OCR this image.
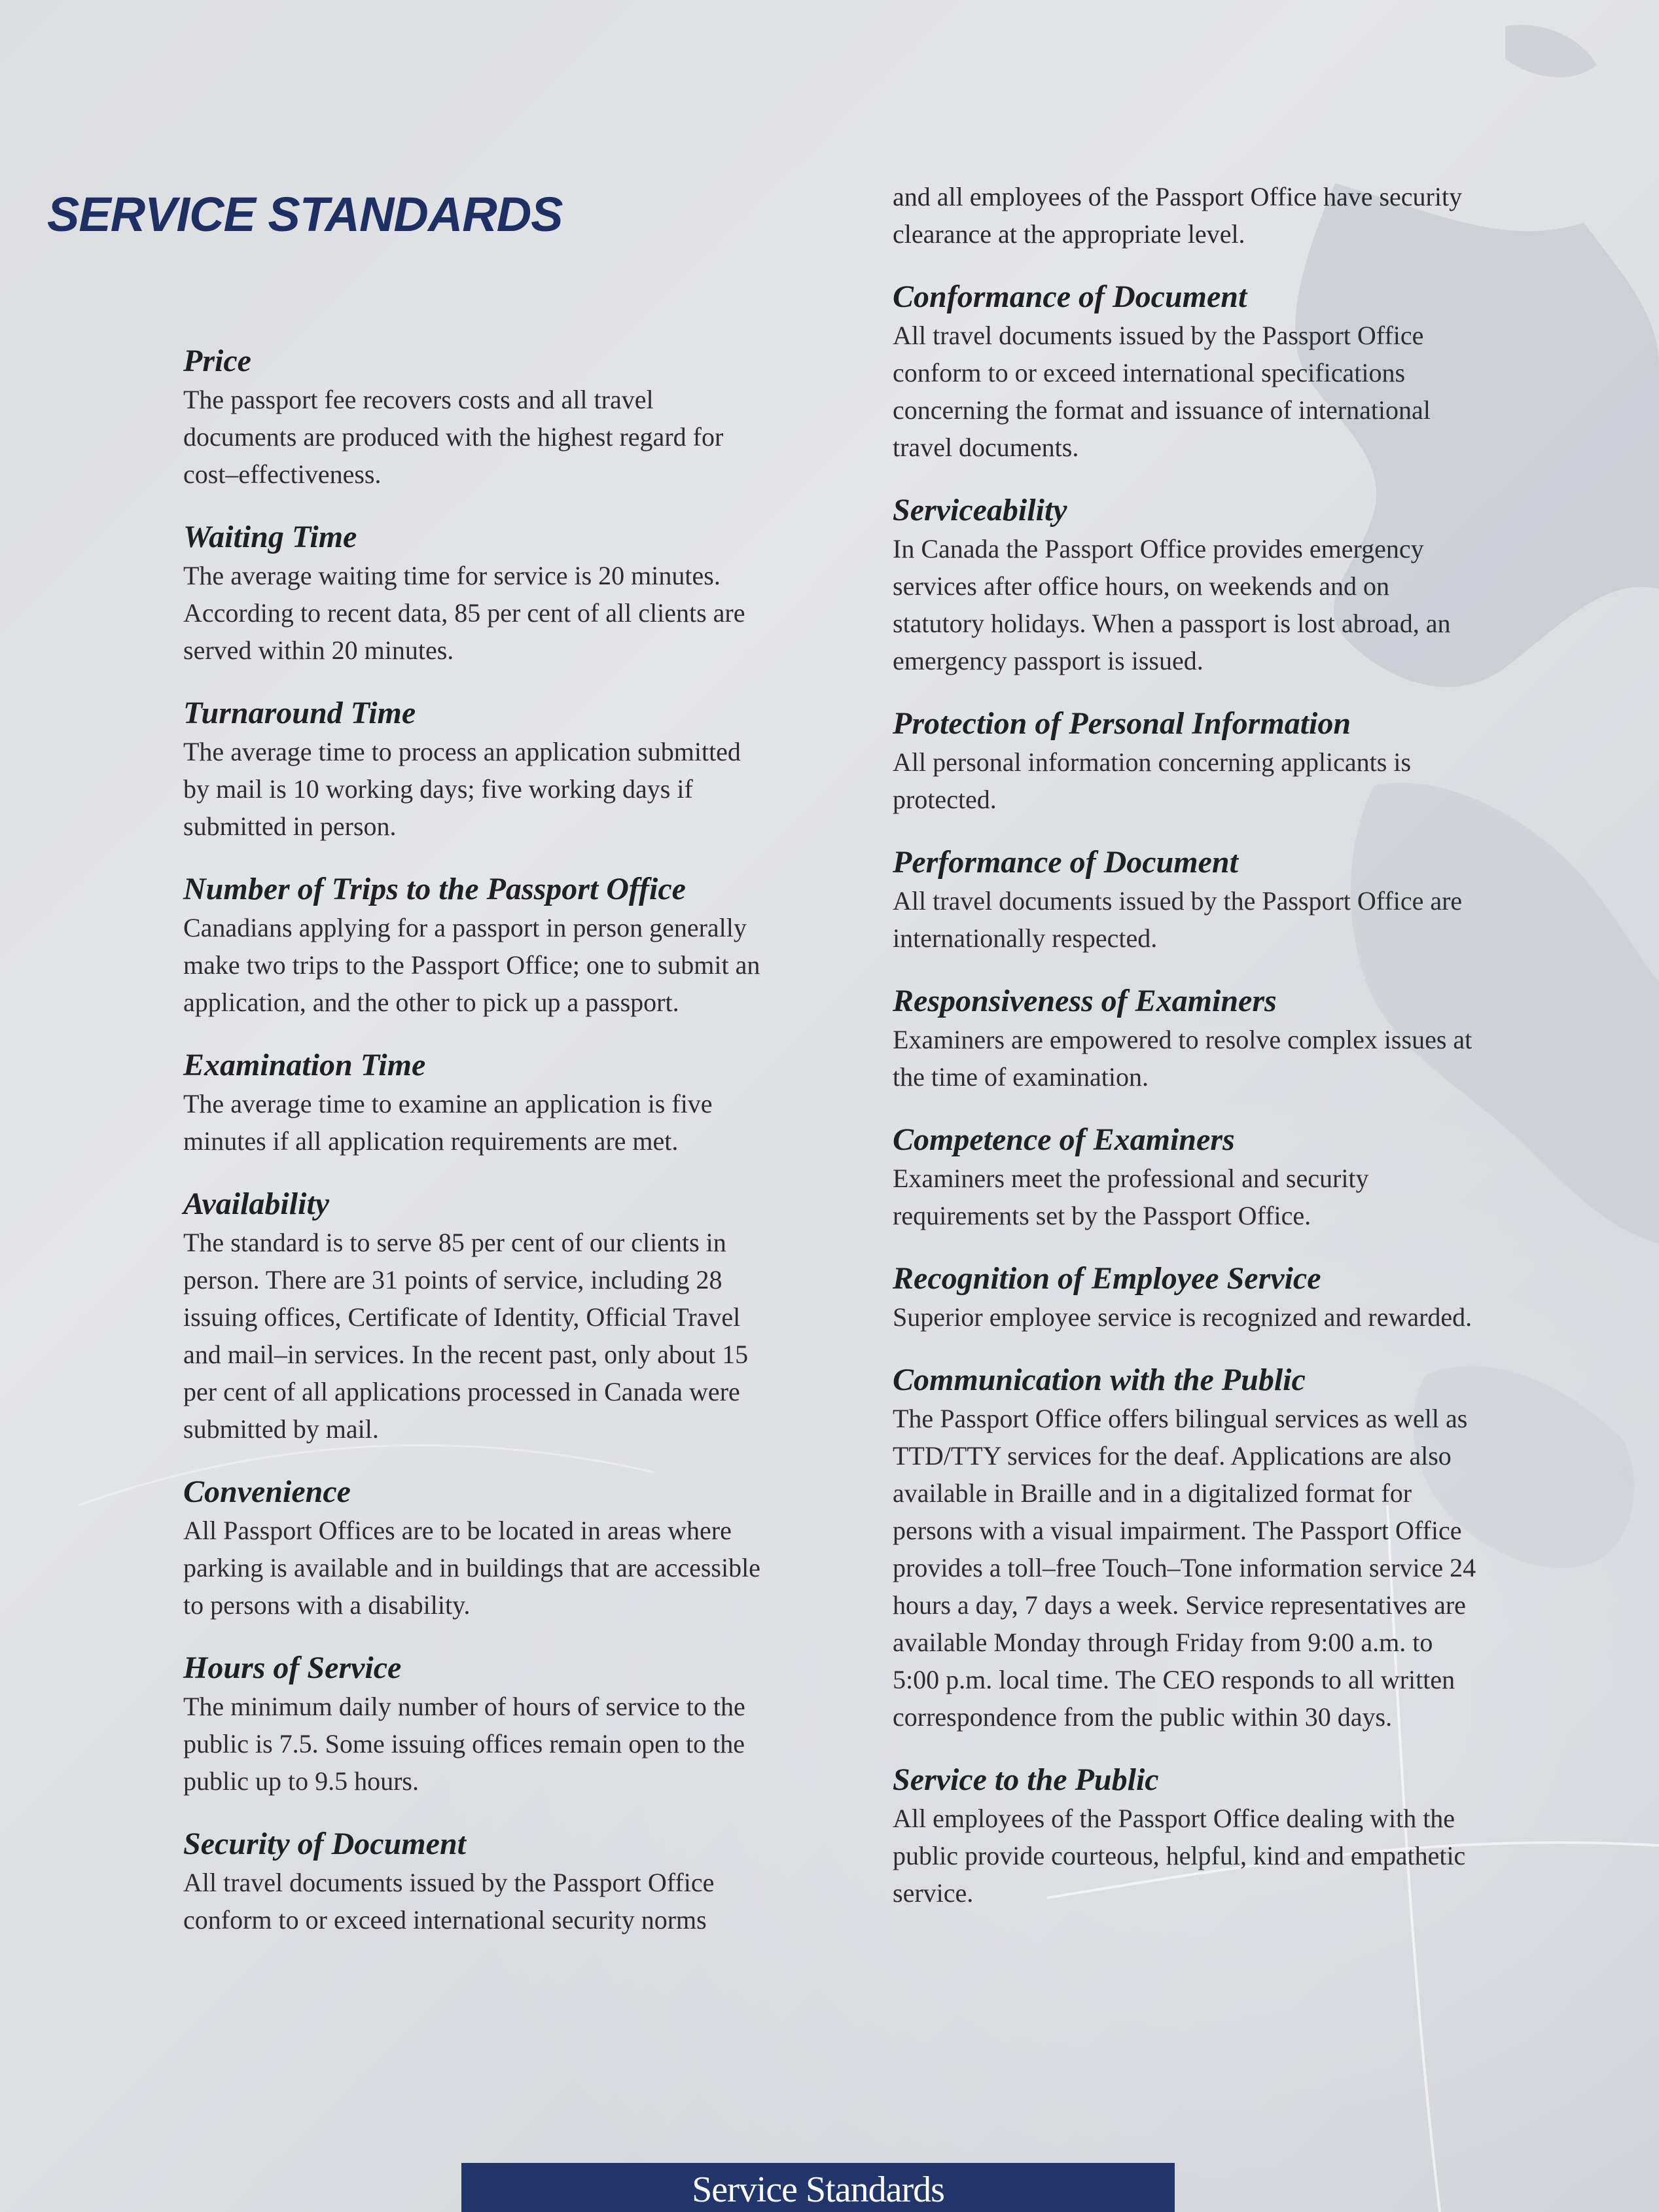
SERVICE STANDARDS
Price

The passport fee recovers costs and all travel documents are produced with the highest regard for cost–effectiveness.

Waiting Time

The average waiting time for service is 20 minutes. According to recent data, 85 per cent of all clients are served within 20 minutes.

Turnaround Time

The average time to process an application submitted by mail is 10 working days; five working days if submitted in person.

Number of Trips to the Passport Office

Canadians applying for a passport in person generally make two trips to the Passport Office; one to submit an application, and the other to pick up a passport.

Examination Time

The average time to examine an application is five minutes if all application requirements are met.

Availability

The standard is to serve 85 per cent of our clients in person. There are 31 points of service, including 28 issuing offices, Certificate of Identity, Official Travel and mail–in services. In the recent past, only about 15 per cent of all applications processed in Canada were submitted by mail.

Convenience

All Passport Offices are to be located in areas where parking is available and in buildings that are accessible to persons with a disability.

Hours of Service

The minimum daily number of hours of service to the public is 7.5. Some issuing offices remain open to the public up to 9.5 hours.

Security of Document

All travel documents issued by the Passport Office conform to or exceed international security norms

and all employees of the Passport Office have security clearance at the appropriate level.

Conformance of Document

All travel documents issued by the Passport Office conform to or exceed international specifications concerning the format and issuance of international travel documents.

Serviceability

In Canada the Passport Office provides emergency services after office hours, on weekends and on statutory holidays. When a passport is lost abroad, an emergency passport is issued.

Protection of Personal Information

All personal information concerning applicants is protected.

Performance of Document

All travel documents issued by the Passport Office are internationally respected.

Responsiveness of Examiners

Examiners are empowered to resolve complex issues at the time of examination.

Competence of Examiners

Examiners meet the professional and security requirements set by the Passport Office.

Recognition of Employee Service

Superior employee service is recognized and rewarded.

Communication with the Public

The Passport Office offers bilingual services as well as TTD/TTY services for the deaf. Applications are also available in Braille and in a digitalized format for persons with a visual impairment. The Passport Office provides a toll–free Touch–Tone information service 24 hours a day, 7 days a week. Service representatives are available Monday through Friday from 9:00 a.m. to 5:00 p.m. local time. The CEO responds to all written correspondence from the public within 30 days.

Service to the Public

All employees of the Passport Office dealing with the public provide courteous, helpful, kind and empathetic service.

Service Standards
